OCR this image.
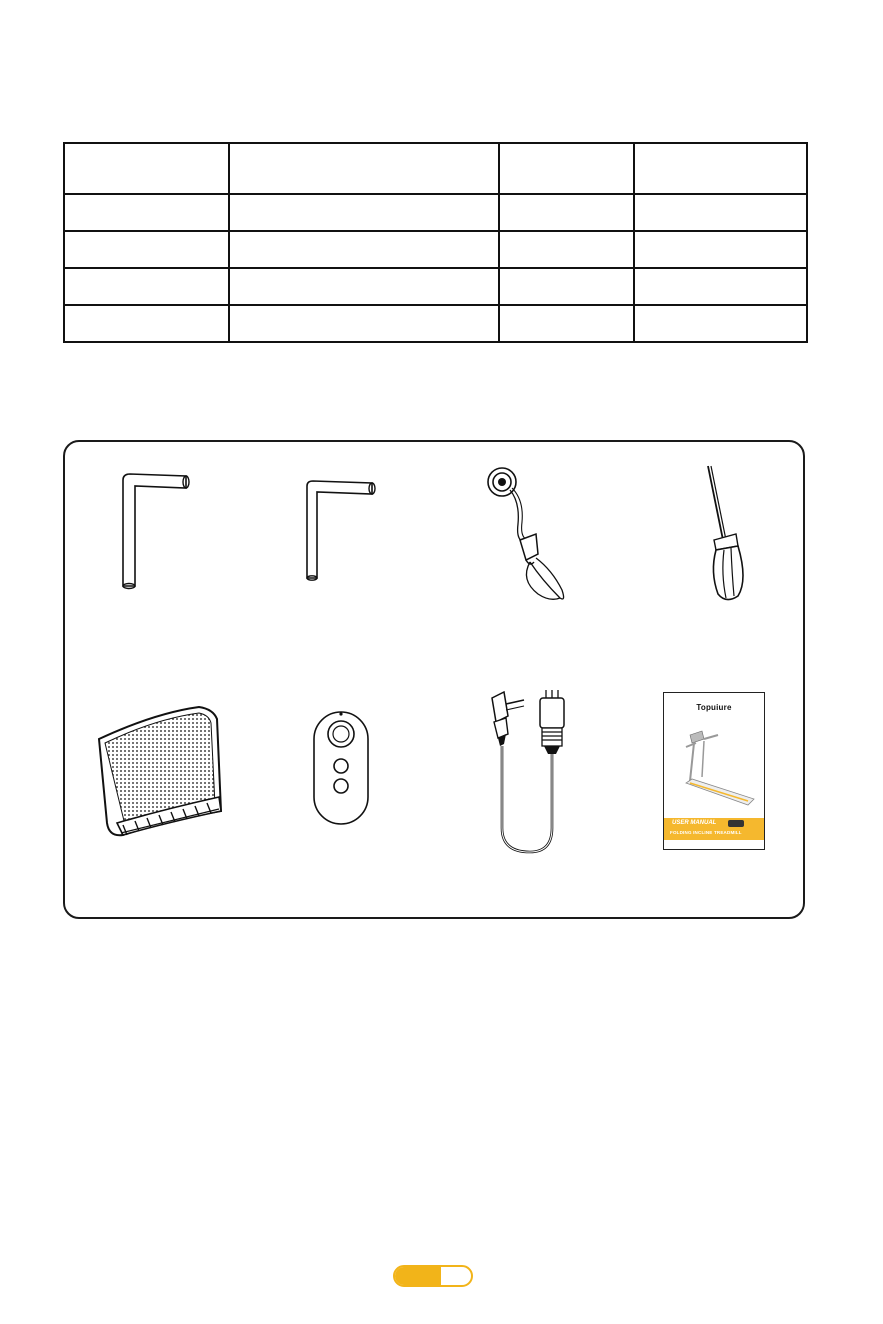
Topuiure
USER MANUAL
FOLDING INCLINE TREADMILL
